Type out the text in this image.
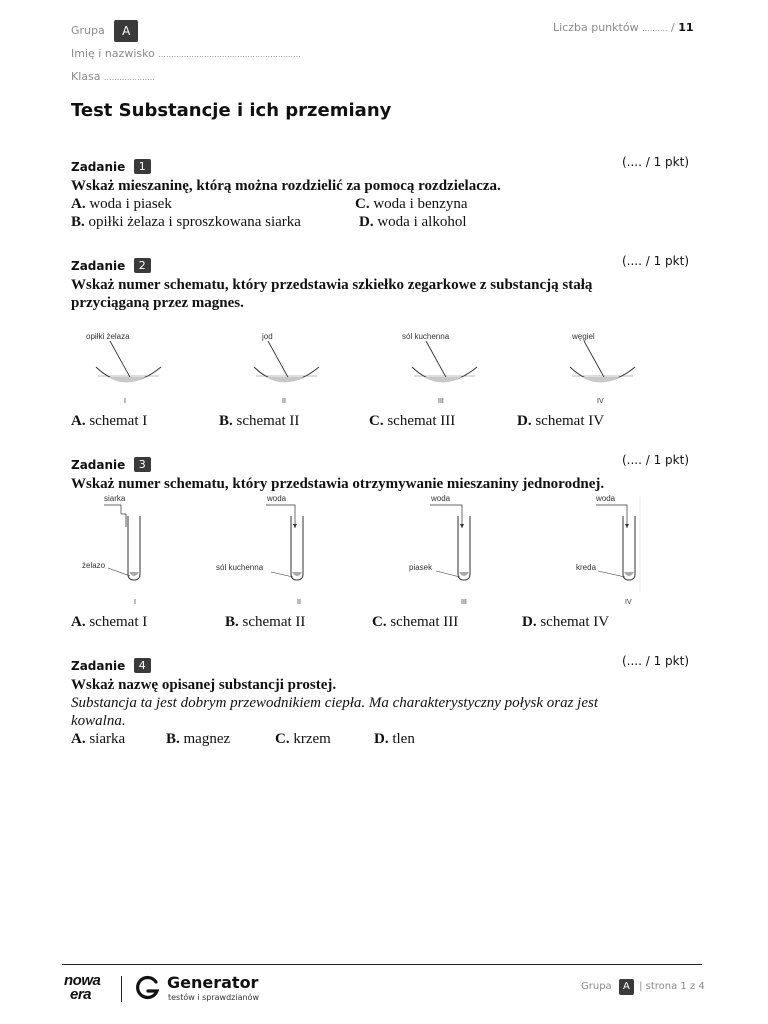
Grupa A
Imię i nazwisko ........................................................
Klasa ....................
Liczba punktów .......... / 11
Test Substancje i ich przemiany
Zadanie 1	(.... / 1 pkt)
Wskaż mieszaninę, którą można rozdzielić za pomocą rozdzielacza.
A. woda i piasek	C. woda i benzyna
B. opiłki żelaza i sproszkowana siarka	D. woda i alkohol
Zadanie 2	(.... / 1 pkt)
Wskaż numer schematu, który przedstawia szkiełko zegarkowe z substancją stałą przyciąganą przez magnes.
opiłki żelaza
I
jod
II
sól kuchenna
III
węgiel
IV
A. schemat I	B. schemat II	C. schemat III	D. schemat IV
Zadanie 3	(.... / 1 pkt)
Wskaż numer schematu, który przedstawia otrzymywanie mieszaniny jednorodnej.
siarka
żelazo
I
woda
sól kuchenna
II
woda
piasek
III
woda
kreda
IV
A. schemat I	B. schemat II	C. schemat III	D. schemat IV
Zadanie 4	(.... / 1 pkt)
Wskaż nazwę opisanej substancji prostej.
Substancja ta jest dobrym przewodnikiem ciepła. Ma charakterystyczny połysk oraz jest
kowalna.
A. siarka	B. magnez	C. krzem	D. tlen
nowa
era
Generator
testów i sprawdzianów
Grupa A | strona 1 z 4
